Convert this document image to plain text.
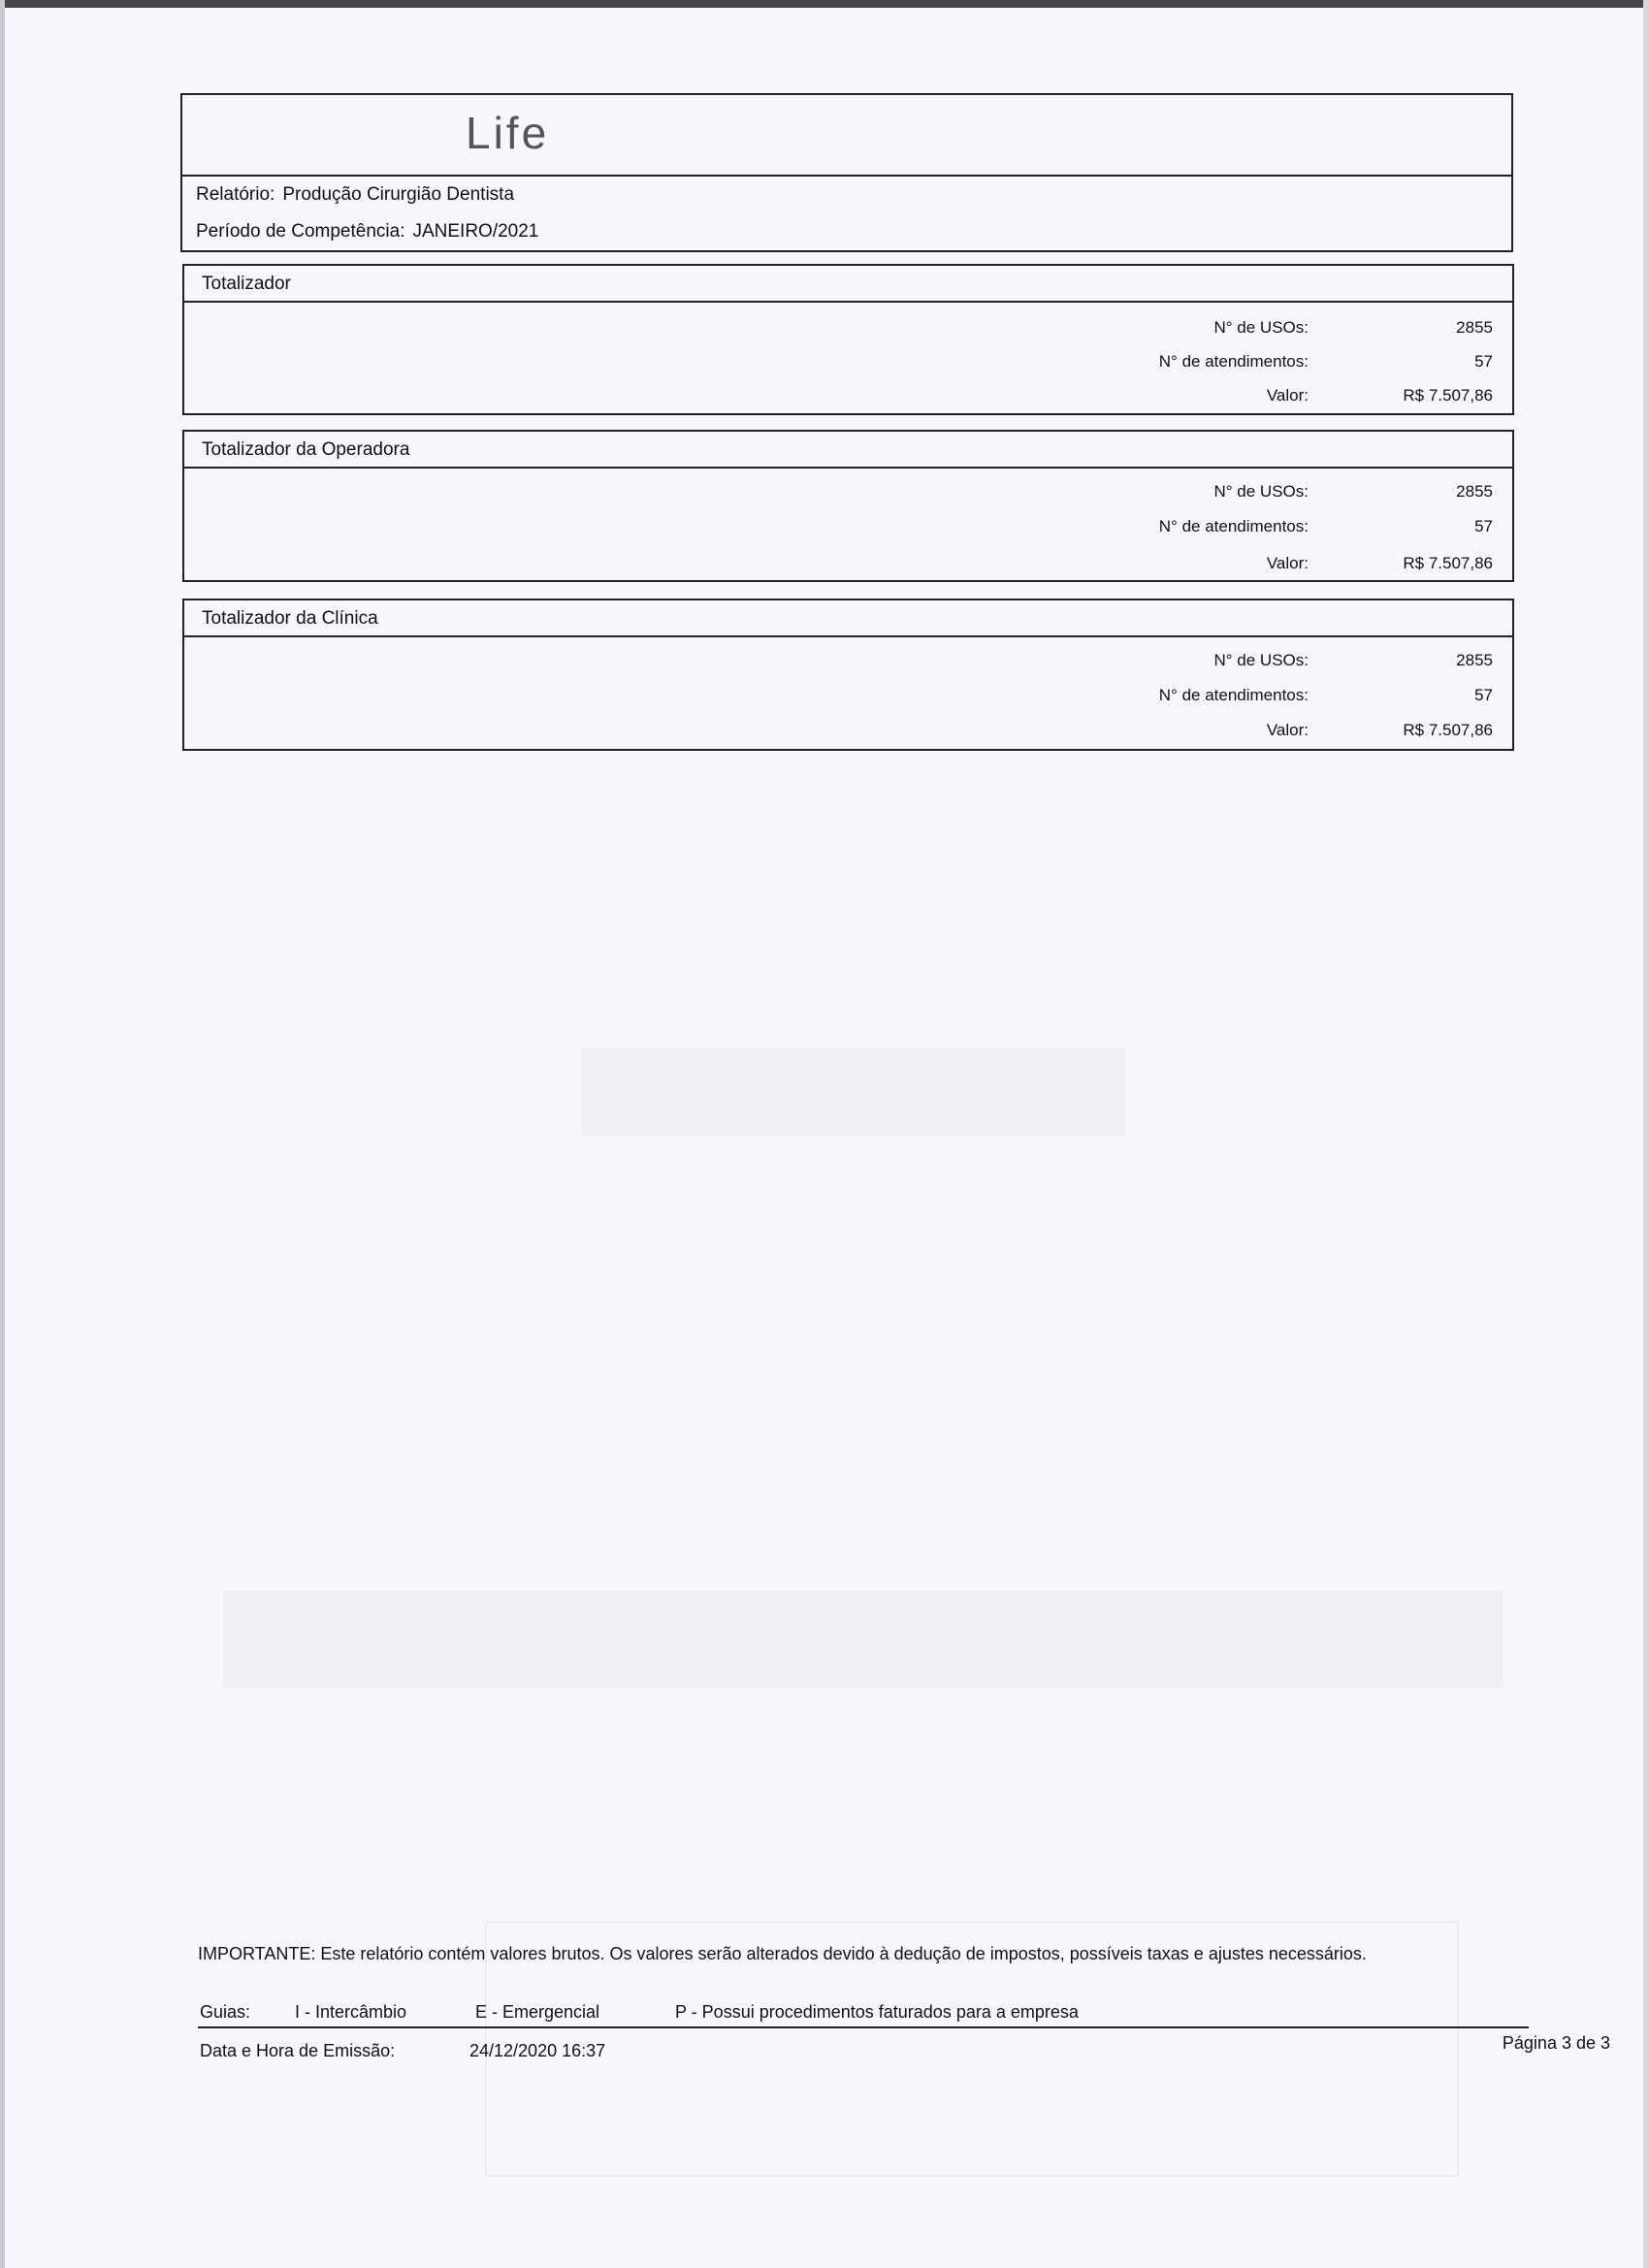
Life
Relatório: Produção Cirurgião Dentista
Período de Competência: JANEIRO/2021
Totalizador
N° de USOs:	2855
N° de atendimentos:	57
Valor:	R$ 7.507,86
Totalizador da Operadora
N° de USOs:	2855
N° de atendimentos:	57
Valor:	R$ 7.507,86
Totalizador da Clínica
N° de USOs:	2855
N° de atendimentos:	57
Valor:	R$ 7.507,86
IMPORTANTE: Este relatório contém valores brutos. Os valores serão alterados devido à dedução de impostos, possíveis taxas e ajustes necessários.
Guias:	I - Intercâmbio	E - Emergencial	P - Possui procedimentos faturados para a empresa
Data e Hora de Emissão:	24/12/2020 16:37	Página 3 de 3
